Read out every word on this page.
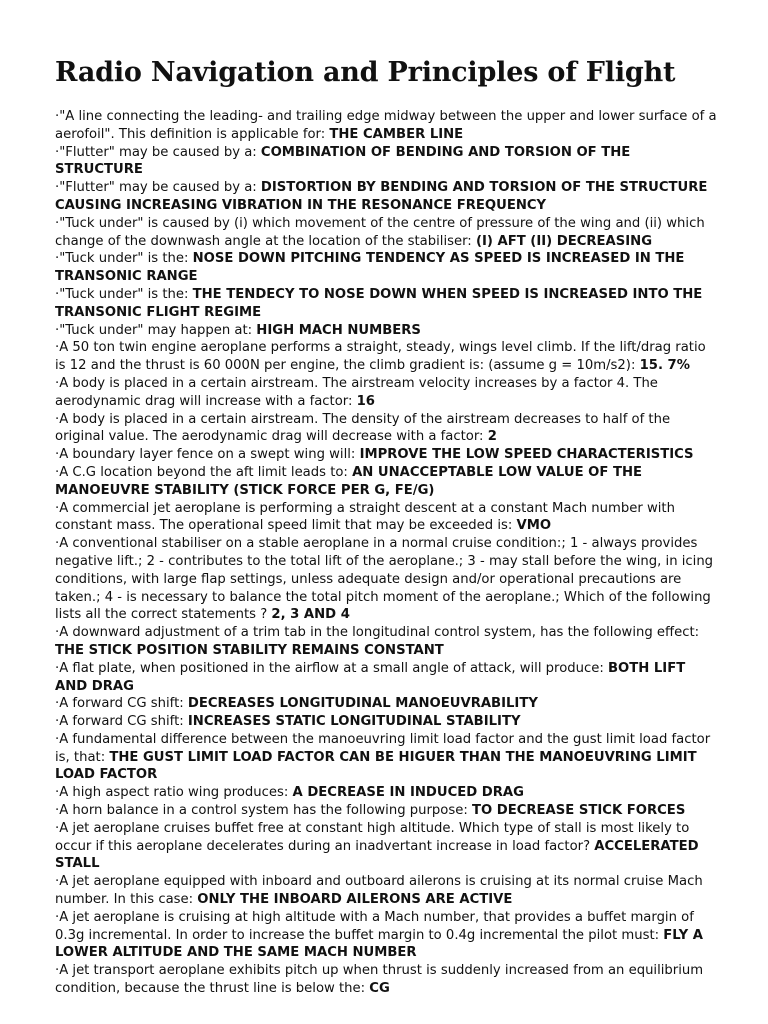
Radio Navigation and Principles of Flight

·"A line connecting the leading- and trailing edge midway between the upper and lower surface of a aerofoil". This definition is applicable for: THE CAMBER LINE

·"Flutter" may be caused by a: COMBINATION OF BENDING AND TORSION OF THE STRUCTURE

·"Flutter" may be caused by a: DISTORTION BY BENDING AND TORSION OF THE STRUCTURE CAUSING INCREASING VIBRATION IN THE RESONANCE FREQUENCY

·"Tuck under" is caused by (i) which movement of the centre of pressure of the wing and (ii) which change of the downwash angle at the location of the stabiliser: (I) AFT (II) DECREASING

·"Tuck under" is the: NOSE DOWN PITCHING TENDENCY AS SPEED IS INCREASED IN THE TRANSONIC RANGE

·"Tuck under" is the: THE TENDECY TO NOSE DOWN WHEN SPEED IS INCREASED INTO THE TRANSONIC FLIGHT REGIME

·"Tuck under" may happen at: HIGH MACH NUMBERS

·A 50 ton twin engine aeroplane performs a straight, steady, wings level climb. If the lift/drag ratio is 12 and the thrust is 60 000N per engine, the climb gradient is: (assume g = 10m/s2): 15. 7%

·A body is placed in a certain airstream. The airstream velocity increases by a factor 4. The aerodynamic drag will increase with a factor: 16

·A body is placed in a certain airstream. The density of the airstream decreases to half of the original value. The aerodynamic drag will decrease with a factor: 2

·A boundary layer fence on a swept wing will: IMPROVE THE LOW SPEED CHARACTERISTICS

·A C.G location beyond the aft limit leads to: AN UNACCEPTABLE LOW VALUE OF THE MANOEUVRE STABILITY (STICK FORCE PER G, FE/G)

·A commercial jet aeroplane is performing a straight descent at a constant Mach number with constant mass. The operational speed limit that may be exceeded is: VMO

·A conventional stabiliser on a stable aeroplane in a normal cruise condition:; 1 - always provides negative lift.; 2 - contributes to the total lift of the aeroplane.; 3 - may stall before the wing, in icing conditions, with large flap settings, unless adequate design and/or operational precautions are taken.; 4 - is necessary to balance the total pitch moment of the aeroplane.; Which of the following lists all the correct statements ? 2, 3 AND 4

·A downward adjustment of a trim tab in the longitudinal control system, has the following effect: THE STICK POSITION STABILITY REMAINS CONSTANT

·A flat plate, when positioned in the airflow at a small angle of attack, will produce: BOTH LIFT AND DRAG

·A forward CG shift: DECREASES LONGITUDINAL MANOEUVRABILITY

·A forward CG shift: INCREASES STATIC LONGITUDINAL STABILITY

·A fundamental difference between the manoeuvring limit load factor and the gust limit load factor is, that: THE GUST LIMIT LOAD FACTOR CAN BE HIGUER THAN THE MANOEUVRING LIMIT LOAD FACTOR

·A high aspect ratio wing produces: A DECREASE IN INDUCED DRAG

·A horn balance in a control system has the following purpose: TO DECREASE STICK FORCES

·A jet aeroplane cruises buffet free at constant high altitude. Which type of stall is most likely to occur if this aeroplane decelerates during an inadvertant increase in load factor? ACCELERATED STALL

·A jet aeroplane equipped with inboard and outboard ailerons is cruising at its normal cruise Mach number. In this case: ONLY THE INBOARD AILERONS ARE ACTIVE

·A jet aeroplane is cruising at high altitude with a Mach number, that provides a buffet margin of 0.3g incremental. In order to increase the buffet margin to 0.4g incremental the pilot must: FLY A LOWER ALTITUDE AND THE SAME MACH NUMBER

·A jet transport aeroplane exhibits pitch up when thrust is suddenly increased from an equilibrium condition, because the thrust line is below the: CG
